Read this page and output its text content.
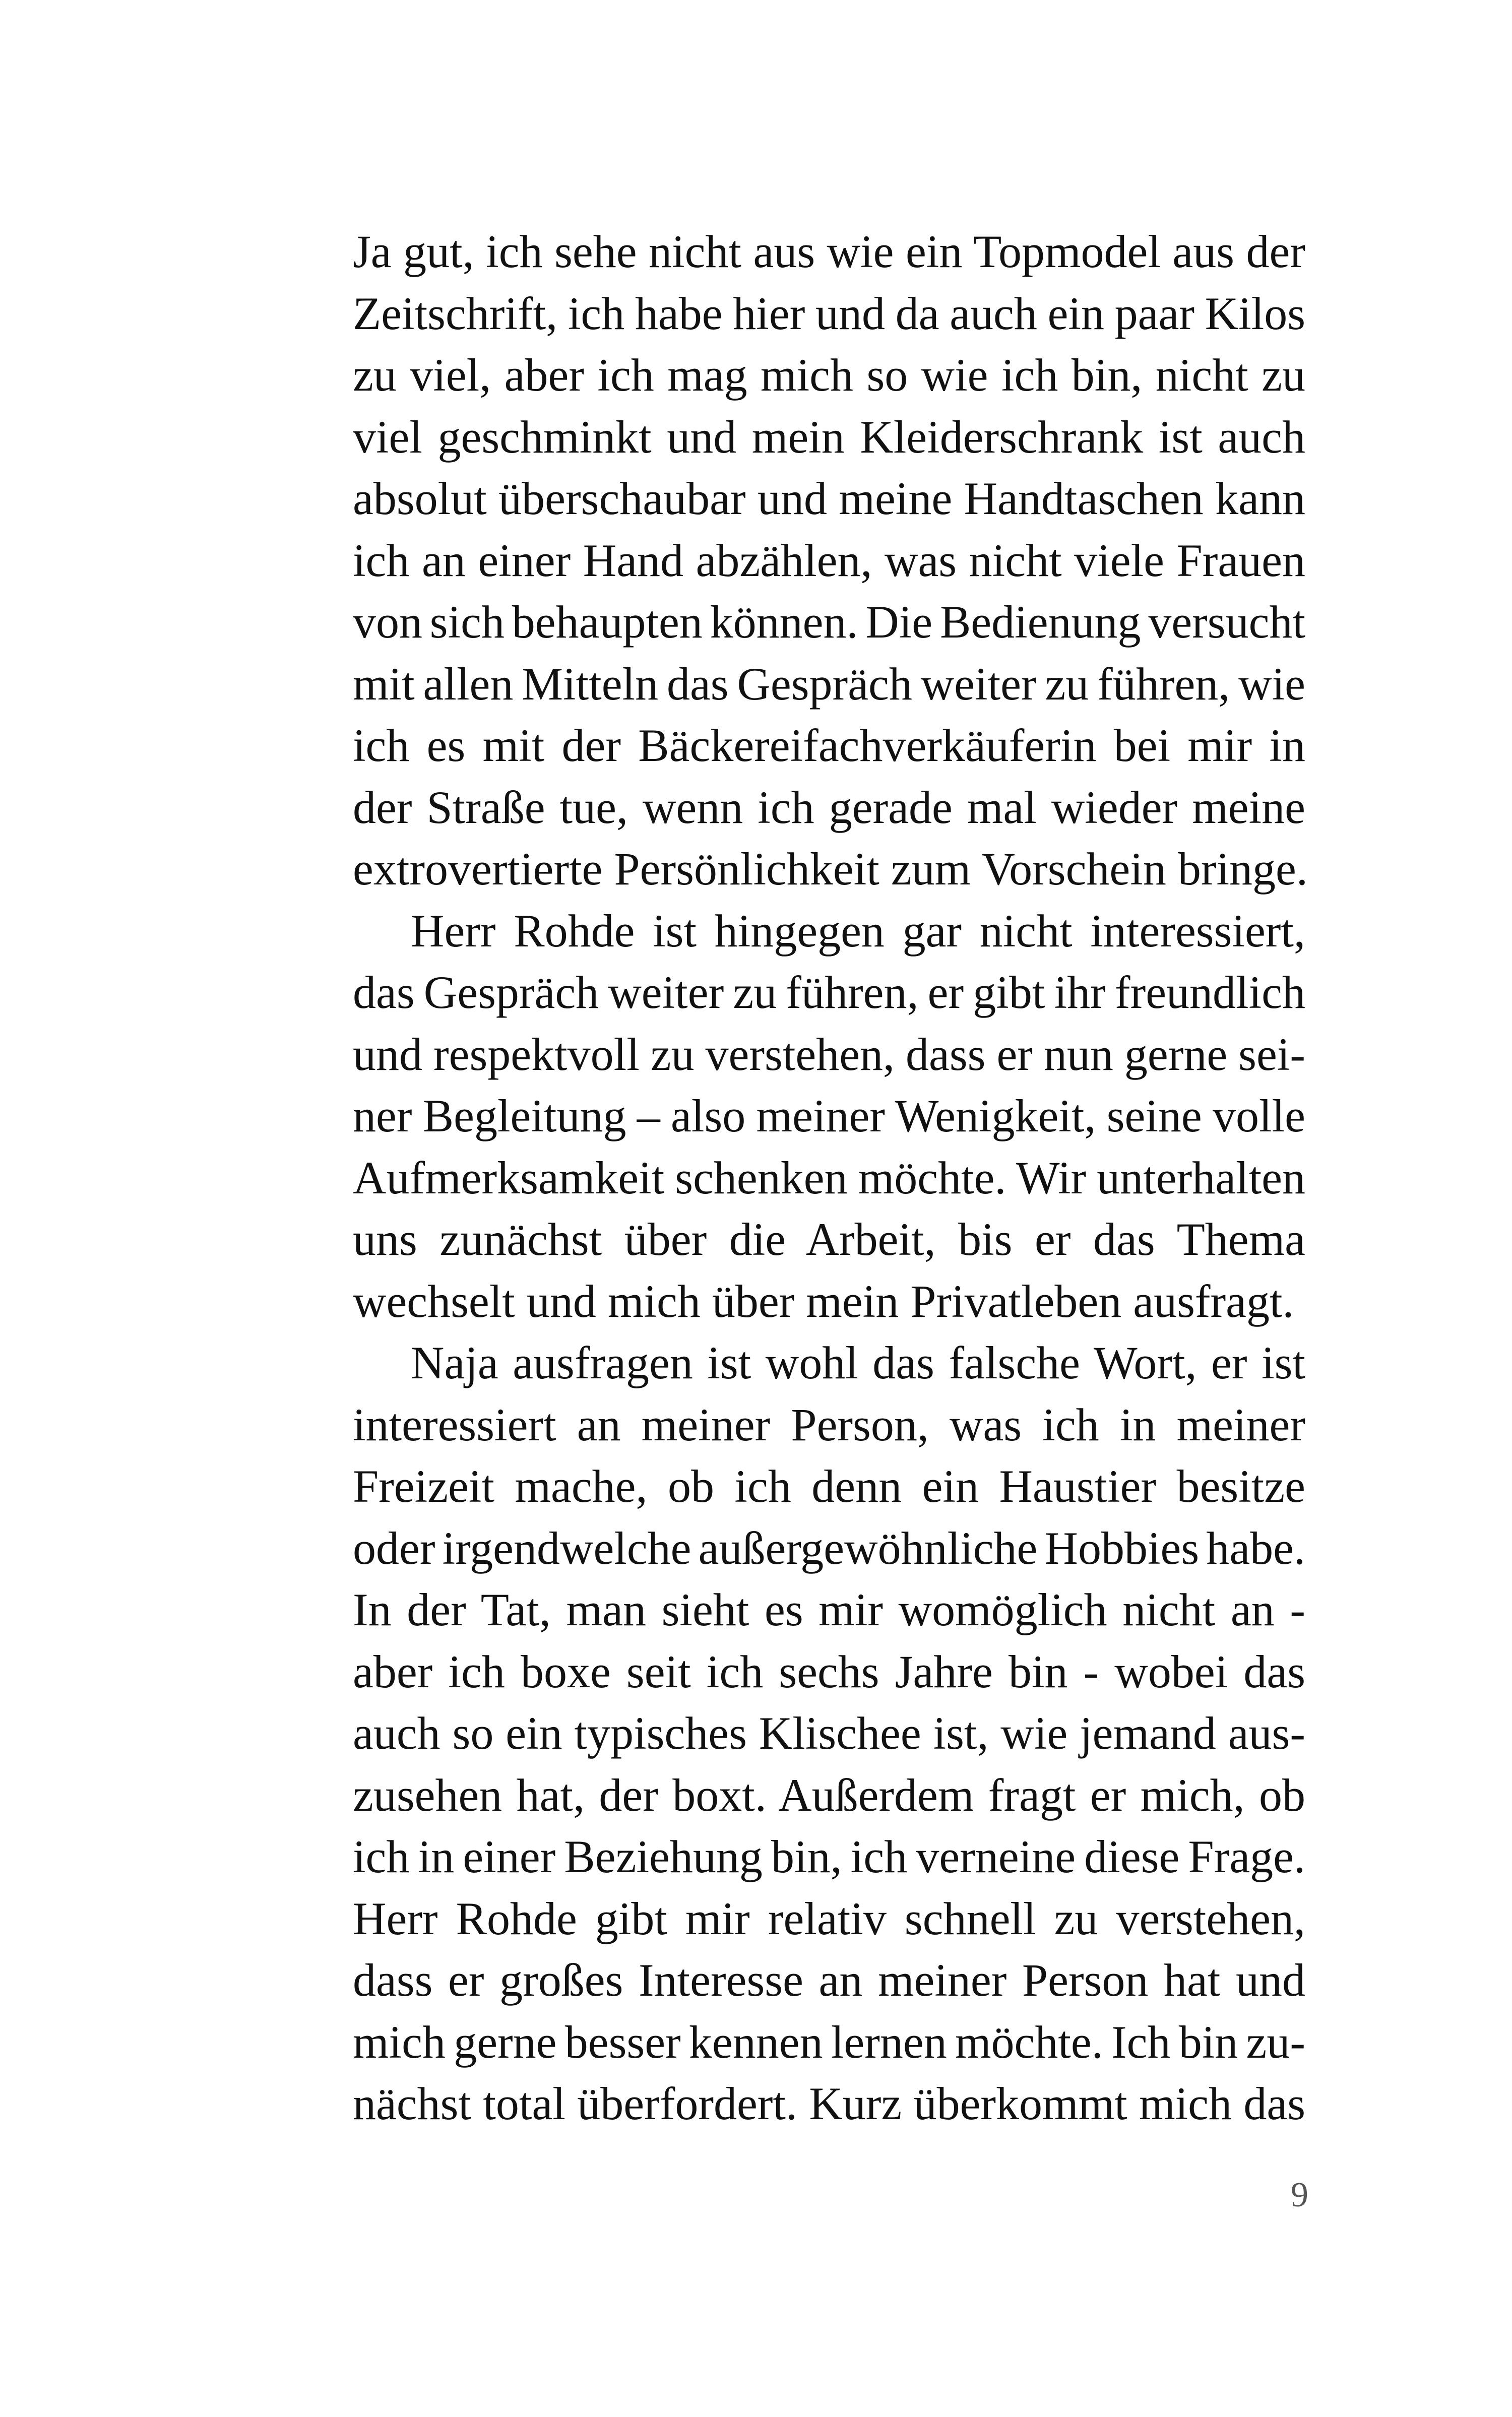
Ja gut, ich sehe nicht aus wie ein Topmodel aus der
Zeitschrift, ich habe hier und da auch ein paar Kilos
zu viel, aber ich mag mich so wie ich bin, nicht zu
viel geschminkt und mein Kleiderschrank ist auch
absolut überschaubar und meine Handtaschen kann
ich an einer Hand abzählen, was nicht viele Frauen
von sich behaupten können. Die Bedienung versucht
mit allen Mitteln das Gespräch weiter zu führen, wie
ich es mit der Bäckereifachverkäuferin bei mir in
der Straße tue, wenn ich gerade mal wieder meine
extrovertierte Persönlichkeit zum Vorschein bringe.
Herr Rohde ist hingegen gar nicht interessiert,
das Gespräch weiter zu führen, er gibt ihr freundlich
und respektvoll zu verstehen, dass er nun gerne sei-
ner Begleitung – also meiner Wenigkeit, seine volle
Aufmerksamkeit schenken möchte. Wir unterhalten
uns zunächst über die Arbeit, bis er das Thema
wechselt und mich über mein Privatleben ausfragt.
Naja ausfragen ist wohl das falsche Wort, er ist
interessiert an meiner Person, was ich in meiner
Freizeit mache, ob ich denn ein Haustier besitze
oder irgendwelche außergewöhnliche Hobbies habe.
In der Tat, man sieht es mir womöglich nicht an -
aber ich boxe seit ich sechs Jahre bin - wobei das
auch so ein typisches Klischee ist, wie jemand aus-
zusehen hat, der boxt. Außerdem fragt er mich, ob
ich in einer Beziehung bin, ich verneine diese Frage.
Herr Rohde gibt mir relativ schnell zu verstehen,
dass er großes Interesse an meiner Person hat und
mich gerne besser kennen lernen möchte. Ich bin zu-
nächst total überfordert. Kurz überkommt mich das
9
